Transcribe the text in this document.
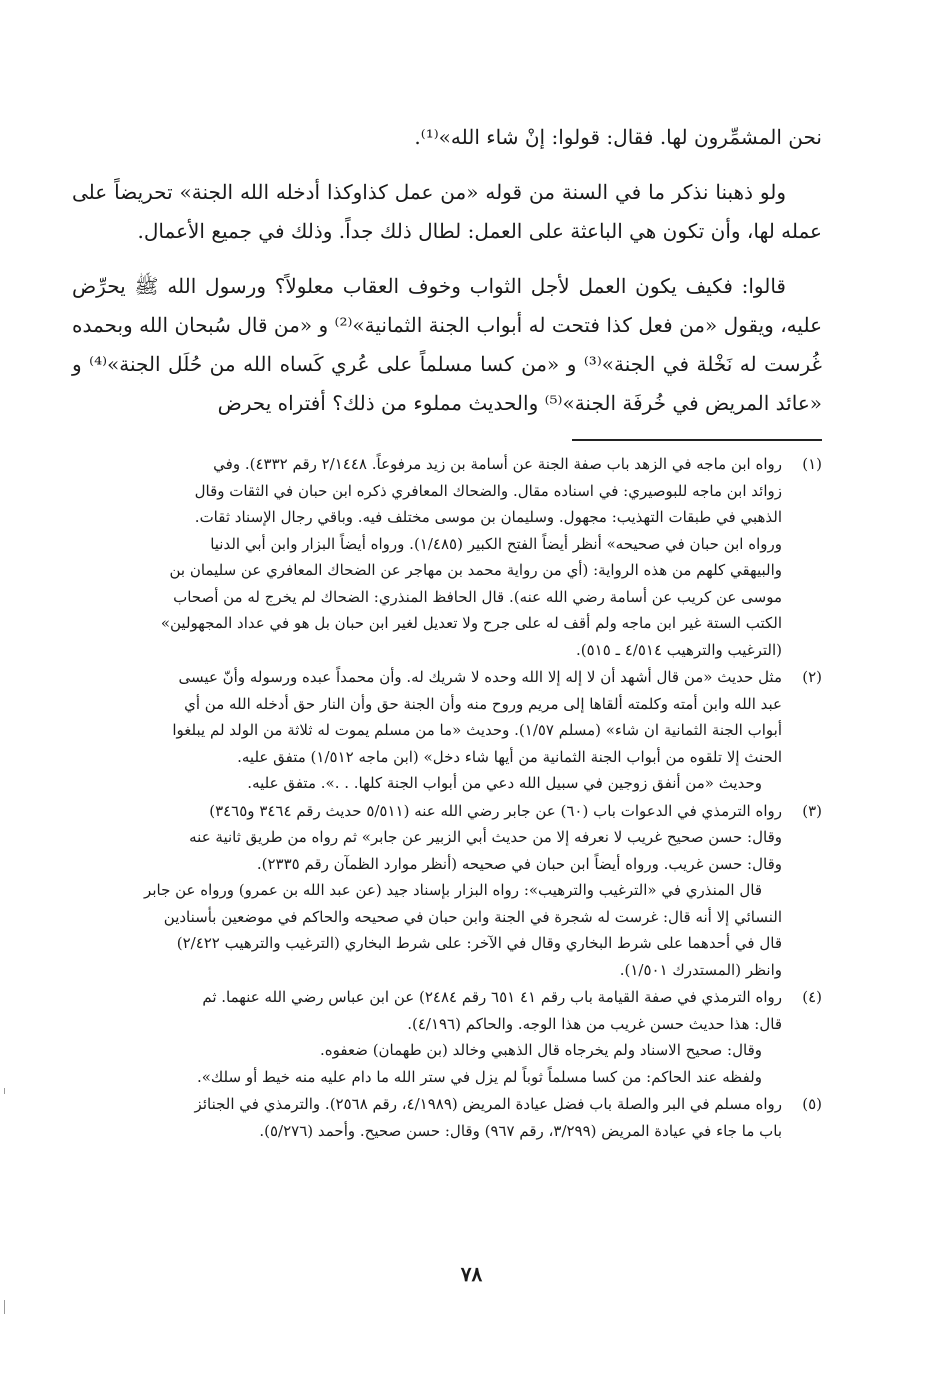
نحن المشمِّرون لها. فقال: قولوا: إنْ شاء الله»⁽¹⁾.

ولو ذهبنا نذكر ما في السنة من قوله «من عمل كذاوكذا أدخله الله الجنة» تحريضاً على عمله لها، وأن تكون هي الباعثة على العمل: لطال ذلك جداً. وذلك في جميع الأعمال.

قالوا: فكيف يكون العمل لأجل الثواب وخوف العقاب معلولاً؟ ورسول الله ﷺ يحرِّض عليه، ويقول «من فعل كذا فتحت له أبواب الجنة الثمانية»⁽²⁾ و «من قال سُبحان الله وبحمده غُرست له نَخْلة في الجنة»⁽³⁾ و «من كسا مسلماً على عُري كَساه الله من حُلَل الجنة»⁽⁴⁾ و «عائد المريض في خُرفَة الجنة»⁽⁵⁾ والحديث مملوء من ذلك؟ أفتراه يحرض

(١)
رواه ابن ماجه في الزهد باب صفة الجنة عن أسامة بن زيد مرفوعاً. ٢/١٤٤٨ رقم ٤٣٣٢). وفي
زوائد ابن ماجه للبوصيري: في اسناده مقال. والضحاك المعافري ذكره ابن حبان في الثقات وقال
الذهبي في طبقات التهذيب: مجهول. وسليمان بن موسى مختلف فيه. وباقي رجال الإسناد ثقات.
ورواه ابن حبان في صحيحه» أنظر أيضاً الفتح الكبير (١/٤٨٥). ورواه أيضاً البزار وابن أبي الدنيا
والبيهقي كلهم من هذه الرواية: (أي من رواية محمد بن مهاجر عن الضحاك المعافري عن سليمان بن
موسى عن كريب عن أسامة رضي الله عنه). قال الحافظ المنذري: الضحاك لم يخرج له من أصحاب
الكتب الستة غير ابن ماجه ولم أقف له على جرح ولا تعديل لغير ابن حبان بل هو في عداد المجهولين»
(الترغيب والترهيب ٤/٥١٤ ـ ٥١٥).
(٢)
مثل حديث «من قال أشهد أن لا إله إلا الله وحده لا شريك له. وأن محمداً عبده ورسوله وأنّ عيسى
عبد الله وابن أمته وكلمته ألقاها إلى مريم وروح منه وأن الجنة حق وأن النار حق أدخله الله من أي
أبواب الجنة الثمانية ان شاء» (مسلم ١/٥٧). وحديث «ما من مسلم يموت له ثلاثة من الولد لم يبلغوا
الحنث إلا تلقوه من أبواب الجنة الثمانية من أيها شاء دخل» (ابن ماجه ١/٥١٢) متفق عليه.
وحديث «من أنفق زوجين في سبيل الله دعي من أبواب الجنة كلها. . .». متفق عليه.
(٣)
رواه الترمذي في الدعوات باب (٦٠) عن جابر رضي الله عنه (٥/٥١١ حديث رقم ٣٤٦٤ و٣٤٦٥)
وقال: حسن صحيح غريب لا نعرفه إلا من حديث أبي الزبير عن جابر» ثم رواه من طريق ثانية عنه
وقال: حسن غريب. ورواه أيضاً ابن حبان في صحيحه (أنظر موارد الظمآن رقم ٢٣٣٥).
قال المنذري في «الترغيب والترهيب»: رواه البزار بإسناد جيد (عن عبد الله بن عمرو) ورواه عن جابر
النسائي إلا أنه قال: غرست له شجرة في الجنة وابن حبان في صحيحه والحاكم في موضعين بأسنادين
قال في أحدهما على شرط البخاري وقال في الآخر: على شرط البخاري (الترغيب والترهيب ٢/٤٢٢)
وانظر (المستدرك ١/٥٠١).
(٤)
رواه الترمذي في صفة القيامة باب رقم ٤١ ٦٥١ رقم ٢٤٨٤) عن ابن عباس رضي الله عنهما. ثم
قال: هذا حديث حسن غريب من هذا الوجه. والحاكم (٤/١٩٦).
وقال: صحيح الاسناد ولم يخرجاه قال الذهبي وخالد (بن طهمان) ضعفوه.
ولفظه عند الحاكم: من كسا مسلماً ثوباً لم يزل في ستر الله ما دام عليه منه خيط أو سلك».
(٥)
رواه مسلم في البر والصلة باب فضل عيادة المريض (٤/١٩٨٩، رقم ٢٥٦٨). والترمذي في الجنائز
باب ما جاء في عيادة المريض (٣/٢٩٩، رقم ٩٦٧) وقال: حسن صحيح. وأحمد (٥/٢٧٦).
٧٨
